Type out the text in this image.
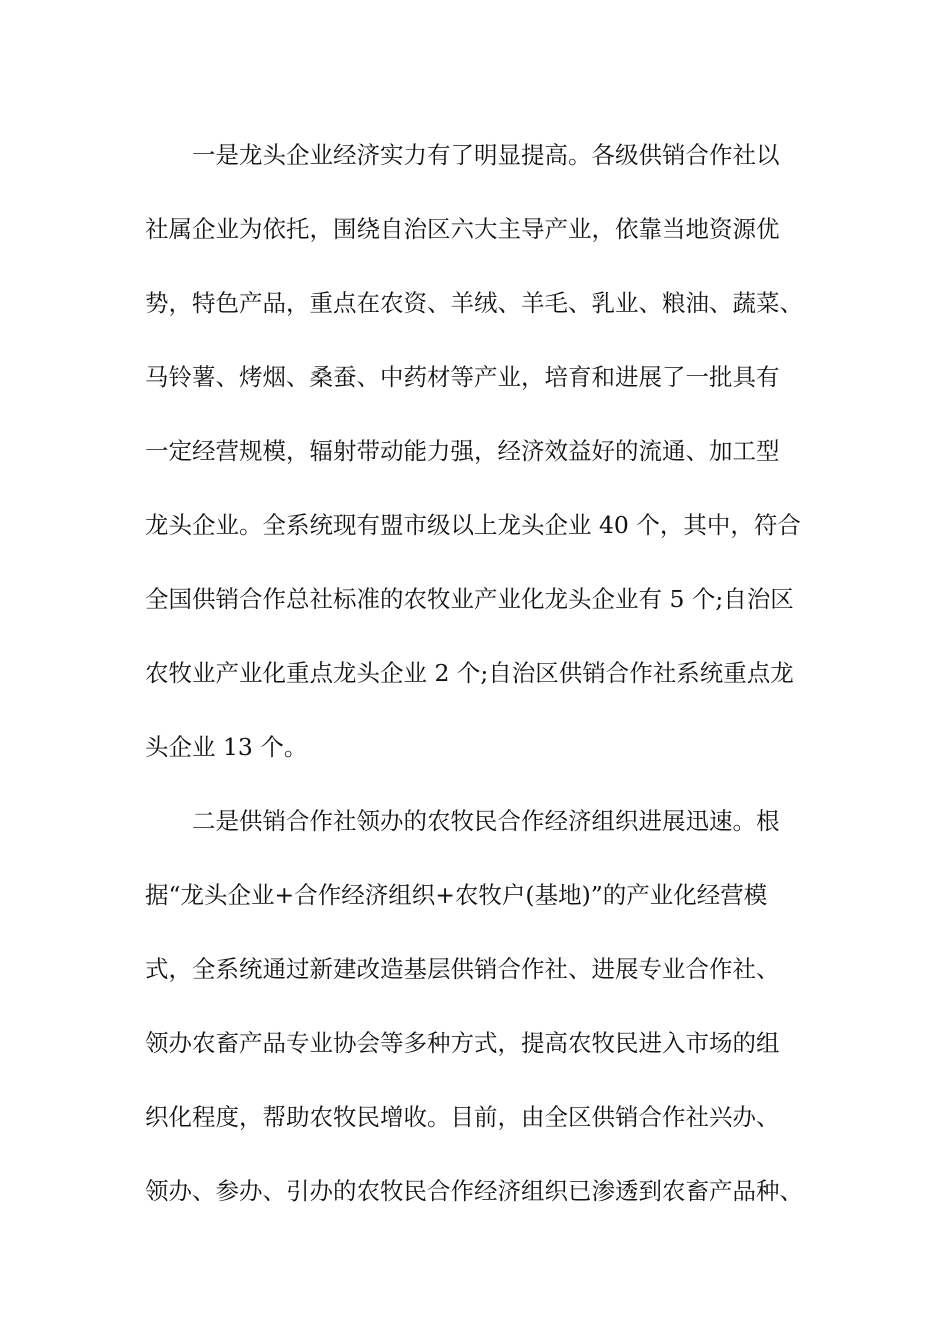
一是龙头企业经济实力有了明显提高。各级供销合作社以
社属企业为依托，围绕自治区六大主导产业，依靠当地资源优
势，特色产品，重点在农资、羊绒、羊毛、乳业、粮油、蔬菜、
马铃薯、烤烟、桑蚕、中药材等产业，培育和进展了一批具有
一定经营规模，辐射带动能力强，经济效益好的流通、加工型
龙头企业。全系统现有盟市级以上龙头企业 40 个，其中，符合
全国供销合作总社标准的农牧业产业化龙头企业有 5 个;自治区
农牧业产业化重点龙头企业 2 个;自治区供销合作社系统重点龙
头企业 13 个。
二是供销合作社领办的农牧民合作经济组织进展迅速。根
据“龙头企业+合作经济组织+农牧户(基地)”的产业化经营模
式，全系统通过新建改造基层供销合作社、进展专业合作社、
领办农畜产品专业协会等多种方式，提高农牧民进入市场的组
织化程度，帮助农牧民增收。目前，由全区供销合作社兴办、
领办、参办、引办的农牧民合作经济组织已渗透到农畜产品种、
